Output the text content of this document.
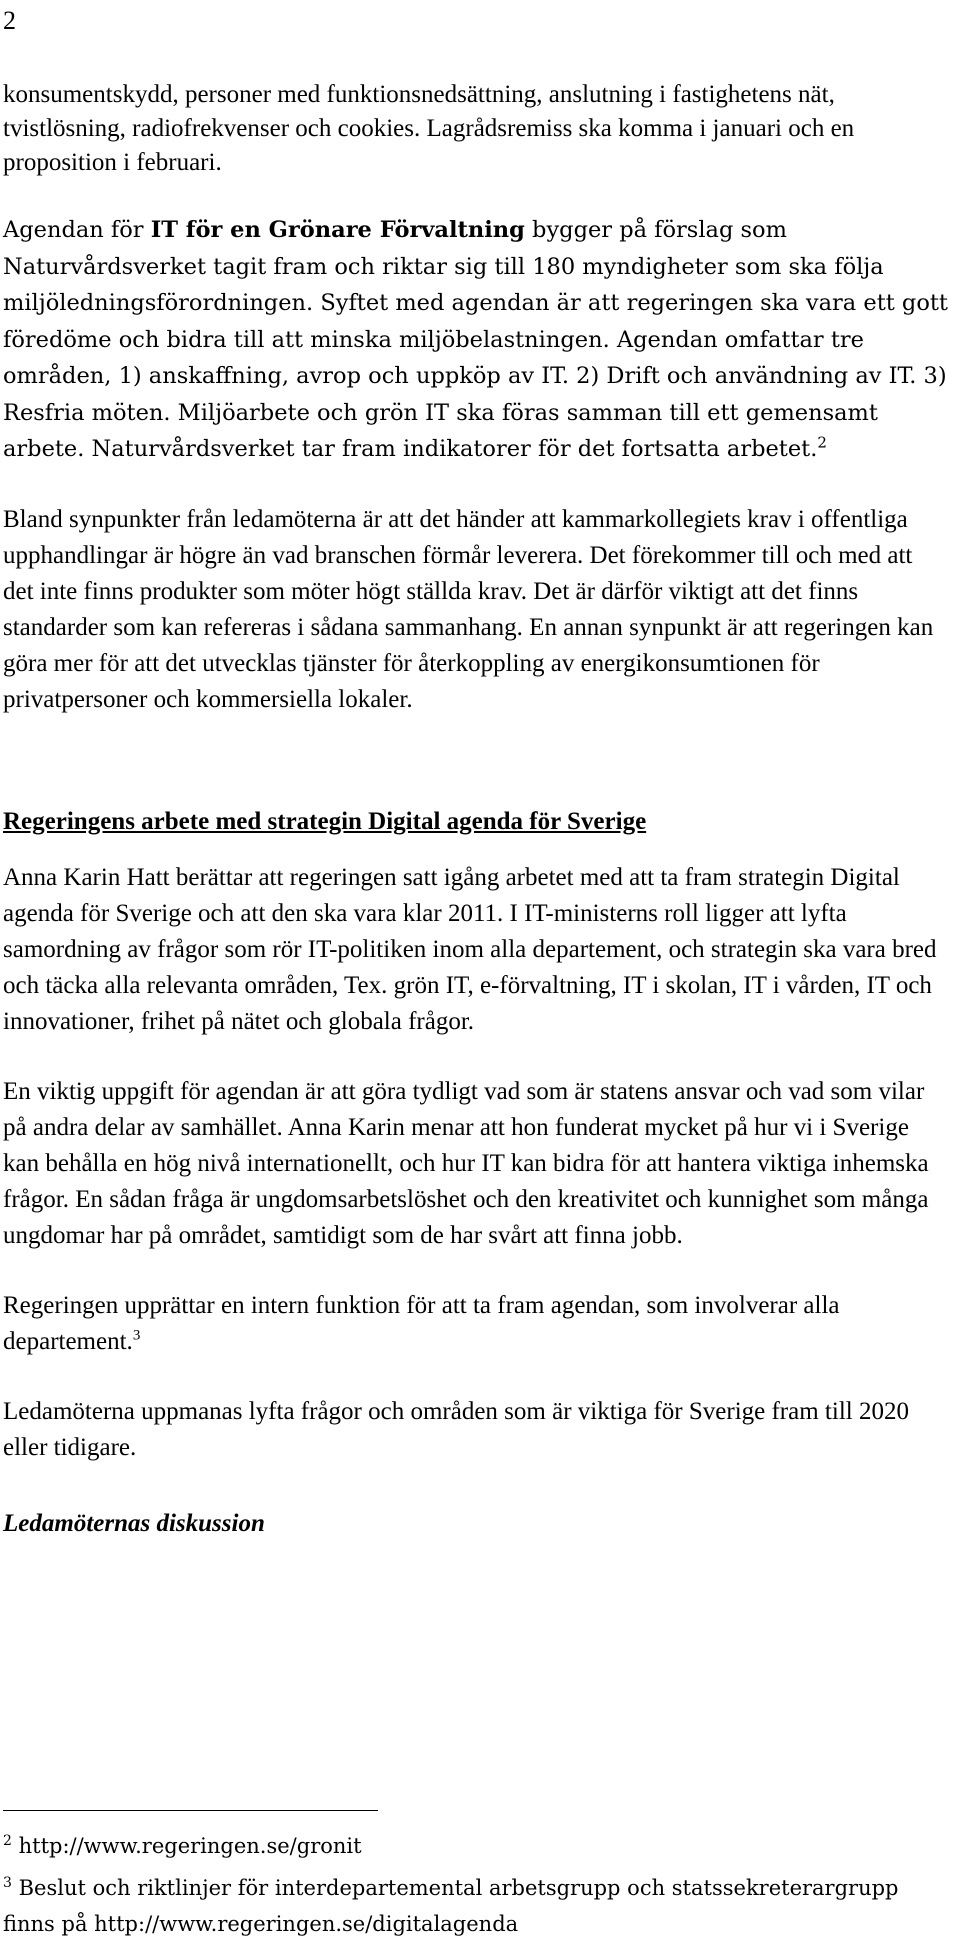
2

konsumentskydd, personer med funktionsnedsättning, anslutning i fastighetens nät, tvistlösning, radiofrekvenser och cookies. Lagrådsremiss ska komma i januari och en proposition i februari.

Agendan för IT för en Grönare Förvaltning bygger på förslag som Naturvårdsverket tagit fram och riktar sig till 180 myndigheter som ska följa miljöledningsförordningen. Syftet med agendan är att regeringen ska vara ett gott föredöme och bidra till att minska miljöbelastningen. Agendan omfattar tre områden, 1) anskaffning, avrop och uppköp av IT. 2) Drift och användning av IT. 3) Resfria möten. Miljöarbete och grön IT ska föras samman till ett gemensamt arbete. Naturvårdsverket tar fram indikatorer för det fortsatta arbetet.$^2$

Bland synpunkter från ledamöterna är att det händer att kammarkollegiets krav i offentliga upphandlingar är högre än vad branschen förmår leverera. Det förekommer till och med att det inte finns produkter som möter högt ställda krav. Det är därför viktigt att det finns standarder som kan refereras i sådana sammanhang. En annan synpunkt är att regeringen kan göra mer för att det utvecklas tjänster för återkoppling av energikonsumtionen för privatpersoner och kommersiella lokaler.

Regeringens arbete med strategin Digital agenda för Sverige

Anna Karin Hatt berättar att regeringen satt igång arbetet med att ta fram strategin Digital agenda för Sverige och att den ska vara klar 2011. I IT-ministerns roll ligger att lyfta samordning av frågor som rör IT-politiken inom alla departement, och strategin ska vara bred och täcka alla relevanta områden, Tex. grön IT, e-förvaltning, IT i skolan, IT i vården, IT och innovationer, frihet på nätet och globala frågor.

En viktig uppgift för agendan är att göra tydligt vad som är statens ansvar och vad som vilar på andra delar av samhället. Anna Karin menar att hon funderat mycket på hur vi i Sverige kan behålla en hög nivå internationellt, och hur IT kan bidra för att hantera viktiga inhemska frågor. En sådan fråga är ungdomsarbetslöshet och den kreativitet och kunnighet som många ungdomar har på området, samtidigt som de har svårt att finna jobb.

Regeringen upprättar en intern funktion för att ta fram agendan, som involverar alla departement.$^3$

Ledamöterna uppmanas lyfta frågor och områden som är viktiga för Sverige fram till 2020 eller tidigare.

Ledamöternas diskussion

$^2$ http://www.regeringen.se/gronit

$^3$ Beslut och riktlinjer för interdepartemental arbetsgrupp och statssekreterargrupp finns på http://www.regeringen.se/digitalagenda
